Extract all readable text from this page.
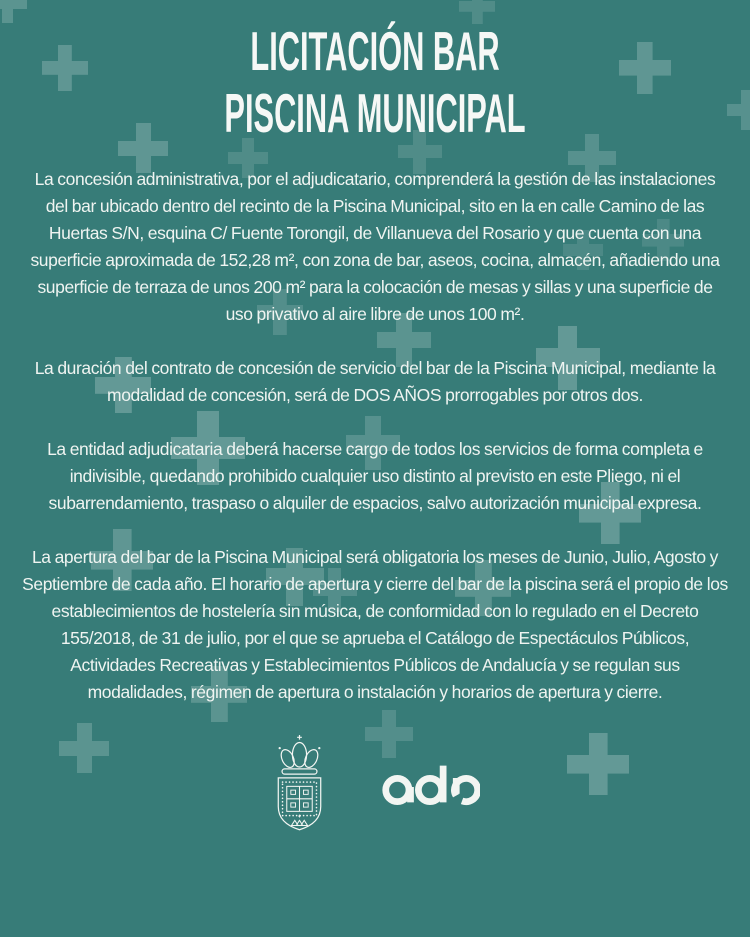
LICITACIÓN BAR
PISCINA MUNICIPAL

La concesión administrativa, por el adjudicatario, comprenderá la gestión de las instalaciones del bar ubicado dentro del recinto de la Piscina Municipal, sito en la en calle Camino de las Huertas S/N, esquina C/ Fuente Torongil, de Villanueva del Rosario y que cuenta con una superficie aproximada de 152,28 m², con zona de bar, aseos, cocina, almacén, añadiendo una superficie de terraza de unos 200 m² para la colocación de mesas y sillas y una superficie de uso privativo al aire libre de unos 100 m².

La duración del contrato de concesión de servicio del bar de la Piscina Municipal, mediante la modalidad de concesión, será de DOS AÑOS prorrogables por otros dos.

La entidad adjudicataria deberá hacerse cargo de todos los servicios de forma completa e indivisible, quedando prohibido cualquier uso distinto al previsto en este Pliego, ni el subarrendamiento, traspaso o alquiler de espacios, salvo autorización municipal expresa.

La apertura del bar de la Piscina Municipal será obligatoria los meses de Junio, Julio, Agosto y Septiembre de cada año. El horario de apertura y cierre del bar de la piscina será el propio de los establecimientos de hostelería sin música, de conformidad con lo regulado en el Decreto 155/2018, de 31 de julio, por el que se aprueba el Catálogo de Espectáculos Públicos, Actividades Recreativas y Establecimientos Públicos de Andalucía y se regulan sus modalidades, régimen de apertura o instalación y horarios de apertura y cierre.
